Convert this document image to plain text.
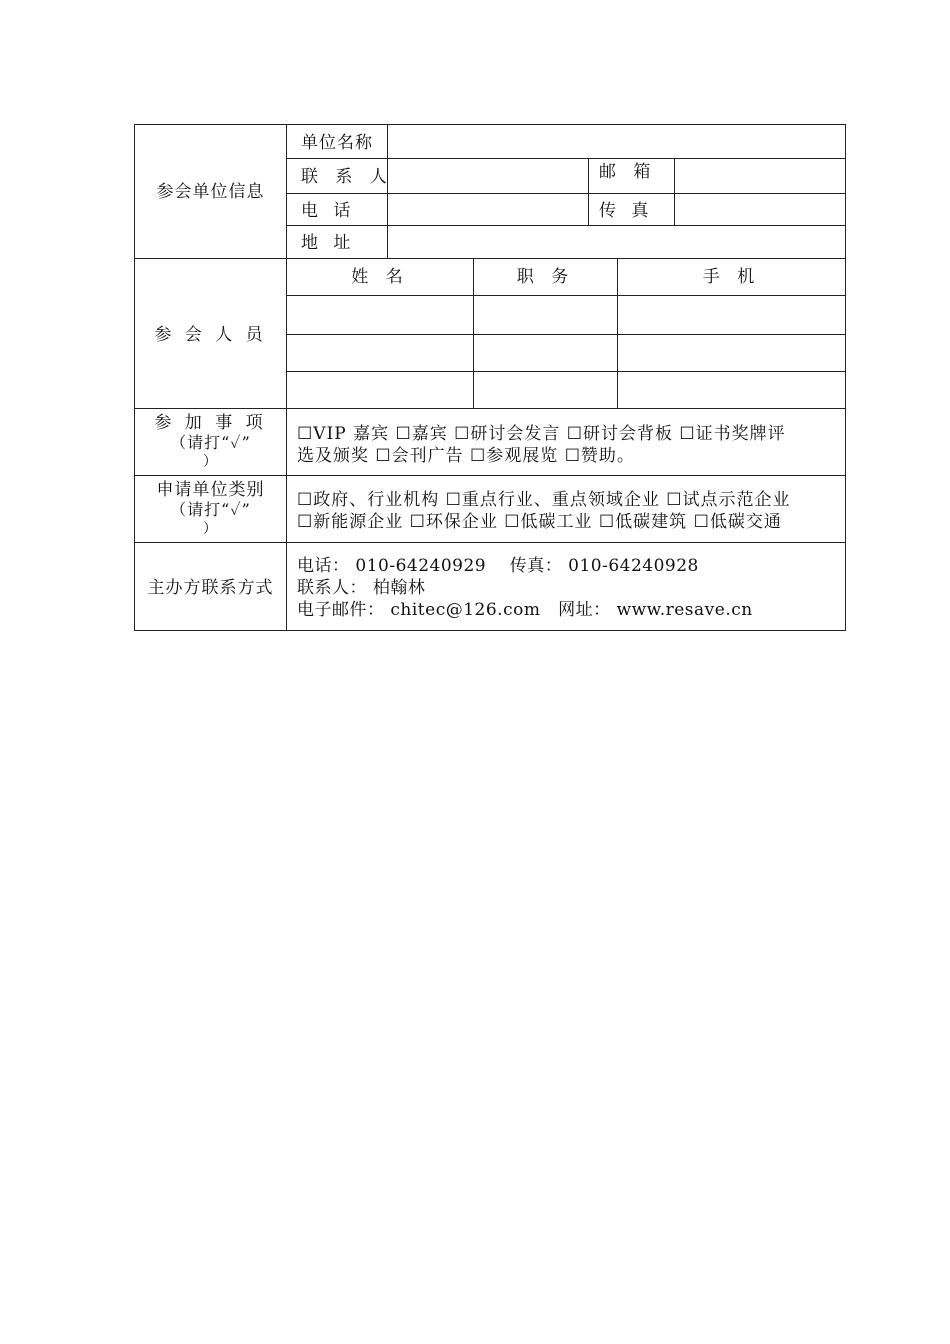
参会单位信息
单位名称
联 系 人	邮 箱
电 话	传 真
地 址
参 会 人 员
姓 名	职 务	手 机
参 加 事 项
（请打“✓”
）
☐VIP 嘉宾 ☐嘉宾 ☐研讨会发言 ☐研讨会背板 ☐证书奖牌评
选及颁奖 ☐会刊广告 ☐参观展览 ☐赞助。
申请单位类别
（请打“✓”
）
☐政府、行业机构 ☐重点行业、重点领域企业 ☐试点示范企业
☐新能源企业 ☐环保企业 ☐低碳工业 ☐低碳建筑 ☐低碳交通
主办方联系方式
电话： 010-64240929    传真： 010-64240928
联系人： 柏翰林
电子邮件： chitec@126.com   网址： www.resave.cn
